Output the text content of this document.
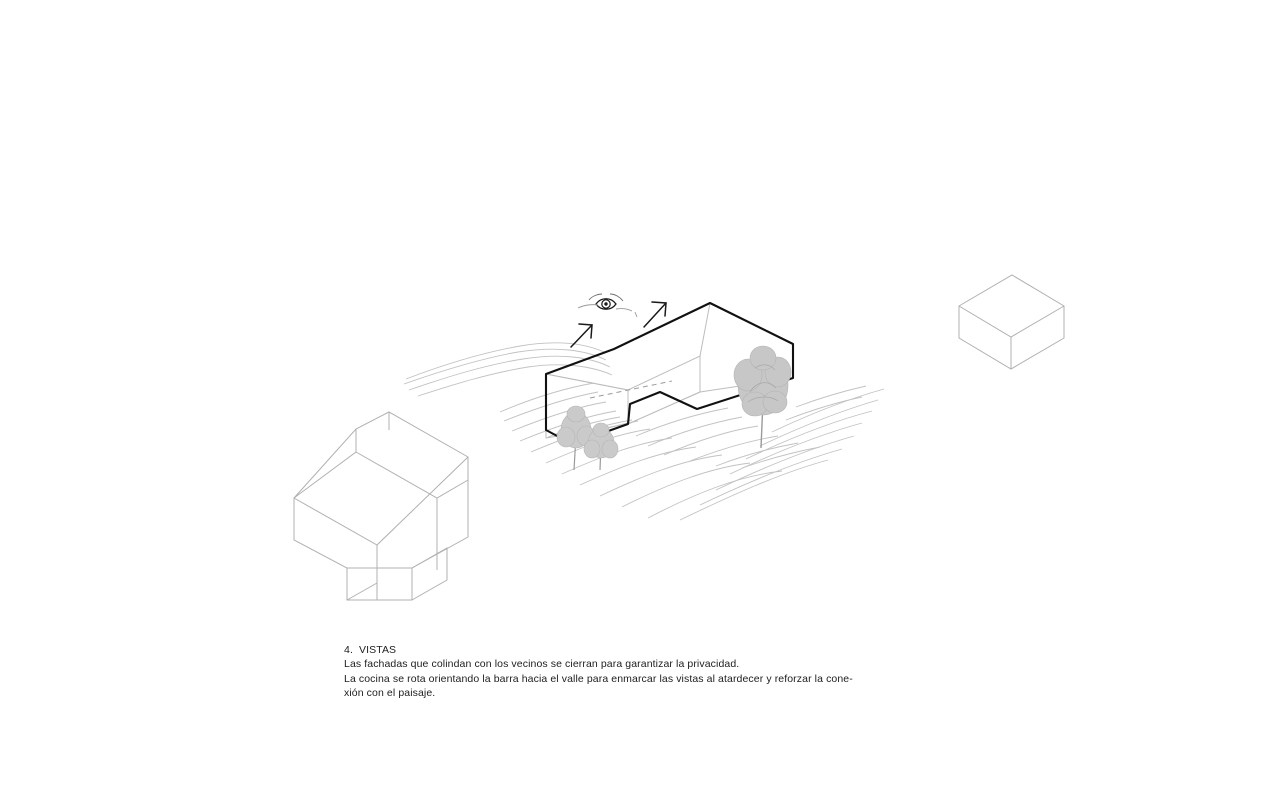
4.  VISTAS
Las fachadas que colindan con los vecinos se cierran para garantizar la privacidad.
La cocina se rota orientando la barra hacia el valle para enmarcar las vistas al atardecer y reforzar la cone-
xión con el paisaje.
